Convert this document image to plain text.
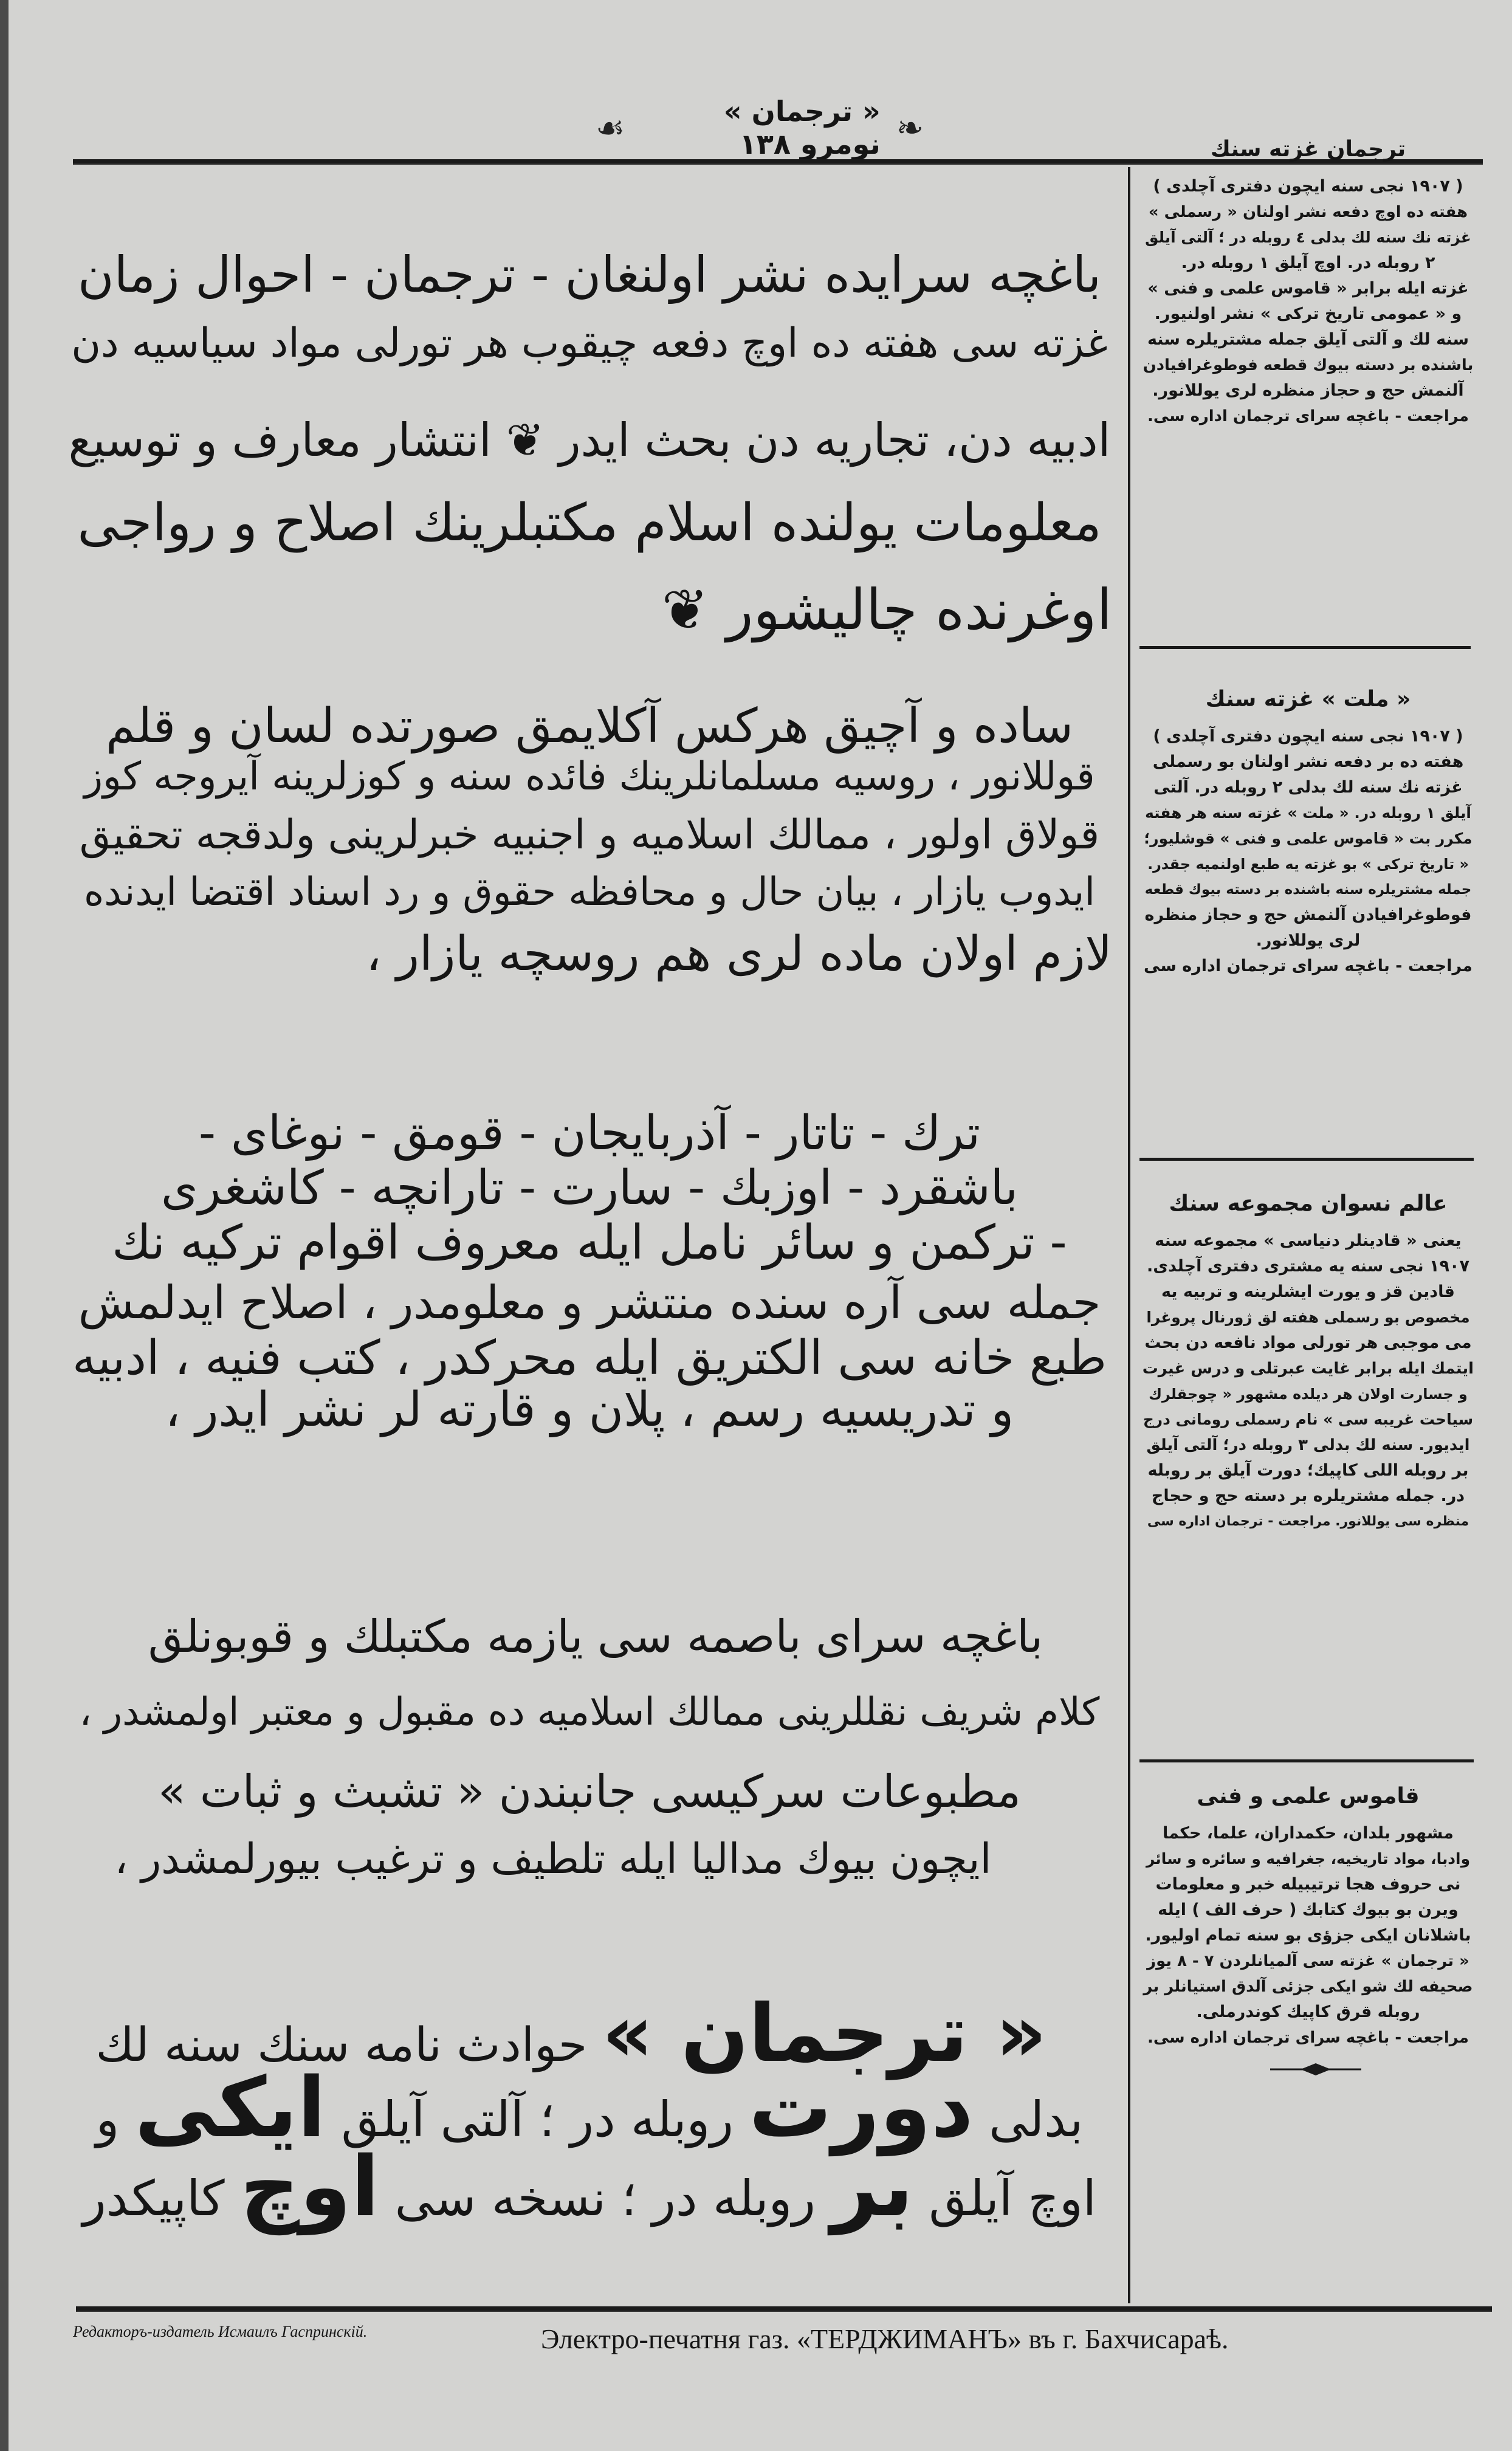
❧
« ترجمان » نومرو ۱۳۸
☙
باغچه سرایده نشر اولنغان - ترجمان - احوال زمان
غزته سی هفته ده اوچ دفعه چیقوب هر تورلی مواد سیاسیه دن
ادبیه دن، تجاریه دن بحث ایدر ❦ انتشار معارف و توسیع
معلومات یولنده اسلام مکتبلرینك اصلاح و رواجی
اوغرنده چالیشور ❦
ساده و آچیق هرکس آکلایمق صورتده لسان و قلم
قوللانور ، روسیه مسلمانلرینك فائده سنه و کوزلرینه آیروجه کوز
قولاق اولور ، ممالك اسلامیه و اجنبیه خبرلرینی ولدقجه تحقیق
ایدوب یازار ، بیان حال و محافظه حقوق و رد اسناد اقتضا ایدنده
لازم اولان ماده لری هم روسچه یازار ،
ترك - تاتار - آذربایجان - قومق - نوغای -
باشقرد - اوزبك - سارت - تارانچه - کاشغری
- ترکمن و سائر نامل ایله معروف اقوام ترکیه نك
جمله سی آره سنده منتشر و معلومدر ، اصلاح ایدلمش
طبع خانه سی الکتریق ایله محرکدر ، کتب فنیه ، ادبیه
و تدریسیه رسم ، پلان و قارته لر نشر ایدر ،
باغچه سرای باصمه سی یازمه مکتبلك و قوبونلق
کلام شریف نقللرینی ممالك اسلامیه ده مقبول و معتبر اولمشدر ،
مطبوعات سرکیسی جانبندن « تشبث و ثبات »
ایچون بیوك مدالیا ایله تلطیف و ترغیب بیورلمشدر ،
« ترجمان » حوادث نامه سنك سنه لك
بدلی دورت روبله در ؛ آلتی آیلق ایکی و
اوچ آیلق بر روبله در ؛ نسخه سی اوچ کاپیکدر
ترجمان غزته سنك
( ۱۹۰۷ نجی سنه ایچون دفتری آچلدی )
هفته ده اوچ دفعه نشر اولنان « رسملی »
غزته نك سنه لك بدلی ٤ روبله در ؛ آلتی آیلق
۲ روبله در. اوچ آیلق ۱ روبله در.
غزته ایله برابر « قاموس علمی و فنی »
و « عمومی تاریخ ترکی » نشر اولنیور.
سنه لك و آلتی آیلق جمله مشتریلره سنه
باشنده بر دسته بیوك قطعه فوطوغرافیادن
آلنمش حج و حجاز منظره لری یوللانور.
مراجعت - باغچه سرای ترجمان اداره سی.
« ملت » غزته سنك
( ۱۹۰۷ نجی سنه ایچون دفتری آچلدی )
هفته ده بر دفعه نشر اولنان بو رسملی
غزته نك سنه لك بدلی ۲ روبله در. آلتی
آیلق ۱ روبله در. « ملت » غزته سنه هر هفته
مکرر بت « قاموس علمی و فنی » قوشلیور؛
« تاریخ ترکی » بو غزته یه طبع اولنمیه جقدر.
جمله مشتریلره سنه باشنده بر دسته بیوك قطعه
فوطوغرافیادن آلنمش حج و حجاز منظره
لری یوللانور.
مراجعت - باغچه سرای ترجمان اداره سی
عالم نسوان مجموعه سنك
یعنی « قادینلر دنیاسی » مجموعه سنه
۱۹۰۷ نجی سنه یه مشتری دفتری آچلدی.
قادین قز و یورت ایشلرینه و تربیه یه
مخصوص بو رسملی هفته لق ژورنال پروغرا
می موجبی هر تورلی مواد نافعه دن بحث
ایتمك ایله برابر غایت عبرتلی و درس غیرت
و جسارت اولان هر دیلده مشهور « چوجقلرك
سیاحت غریبه سی » نام رسملی رومانی درج
ایدیور. سنه لك بدلی ۳ روبله در؛ آلتی آیلق
بر روبله اللی کاپیك؛ دورت آیلق بر روبله
در. جمله مشتریلره بر دسته حج و حجاج
منظره سی یوللانور. مراجعت - ترجمان اداره سی
قاموس علمی و فنی
مشهور بلدان، حکمداران، علما، حکما
وادبا، مواد تاریخیه، جغرافیه و سائره و سائر
نی حروف هجا ترتیبیله خبر و معلومات
ویرن بو بیوك کتابك ( حرف الف ) ایله
باشلانان ایکی جزؤی بو سنه تمام اولیور.
« ترجمان » غزته سی آلمیانلردن ۷ - ۸ یوز
صحیفه لك شو ایکی جزئی آلدق استیانلر بر
روبله قرق کاپیك کوندرملی.
مراجعت - باغچه سرای ترجمان اداره سی.
Редакторъ-издатель Исмаилъ Гаспринскій.	Электро-печатня газ. «ТЕРДЖИМАНЪ» въ г. Бахчисараѣ.
